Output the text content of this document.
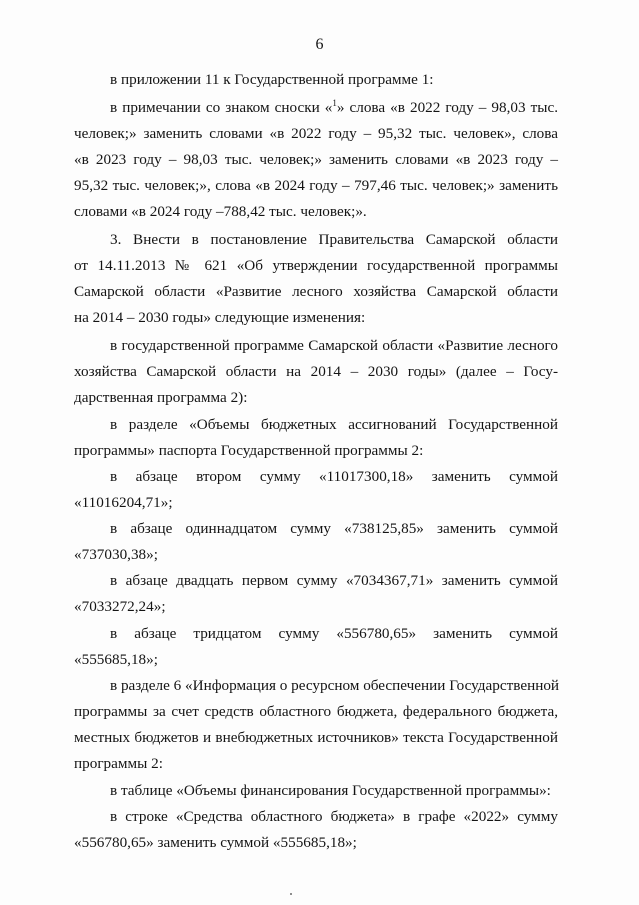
6
в приложении 11 к Государственной программе 1:
в примечании со знаком сноски «$^1$» слова «в 2022 году – 98,03 тыс.
человек;» заменить словами «в 2022 году – 95,32 тыс. человек», слова
«в 2023 году – 98,03 тыс. человек;» заменить словами «в 2023 году –
95,32 тыс. человек;», слова «в 2024 году – 797,46 тыс. человек;» заменить
словами «в 2024 году –788,42 тыс. человек;».
3. Внести в постановление Правительства Самарской области
от 14.11.2013 № 621 «Об утверждении государственной программы
Самарской области «Развитие лесного хозяйства Самарской области
на 2014 – 2030 годы» следующие изменения:
в государственной программе Самарской области «Развитие лесного
хозяйства Самарской области на 2014 – 2030 годы» (далее – Госу-
дарственная программа 2):
в разделе «Объемы бюджетных ассигнований Государственной
программы» паспорта Государственной программы 2:
в абзаце втором сумму «11017300,18» заменить суммой
«11016204,71»;
в абзаце одиннадцатом сумму «738125,85» заменить суммой
«737030,38»;
в абзаце двадцать первом сумму «7034367,71» заменить суммой
«7033272,24»;
в абзаце тридцатом сумму «556780,65» заменить суммой
«555685,18»;
в разделе 6 «Информация о ресурсном обеспечении Государственной
программы за счет средств областного бюджета, федерального бюджета,
местных бюджетов и внебюджетных источников» текста Государственной
программы 2:
в таблице «Объемы финансирования Государственной программы»:
в строке «Средства областного бюджета» в графе «2022» сумму
«556780,65» заменить суммой «555685,18»;
